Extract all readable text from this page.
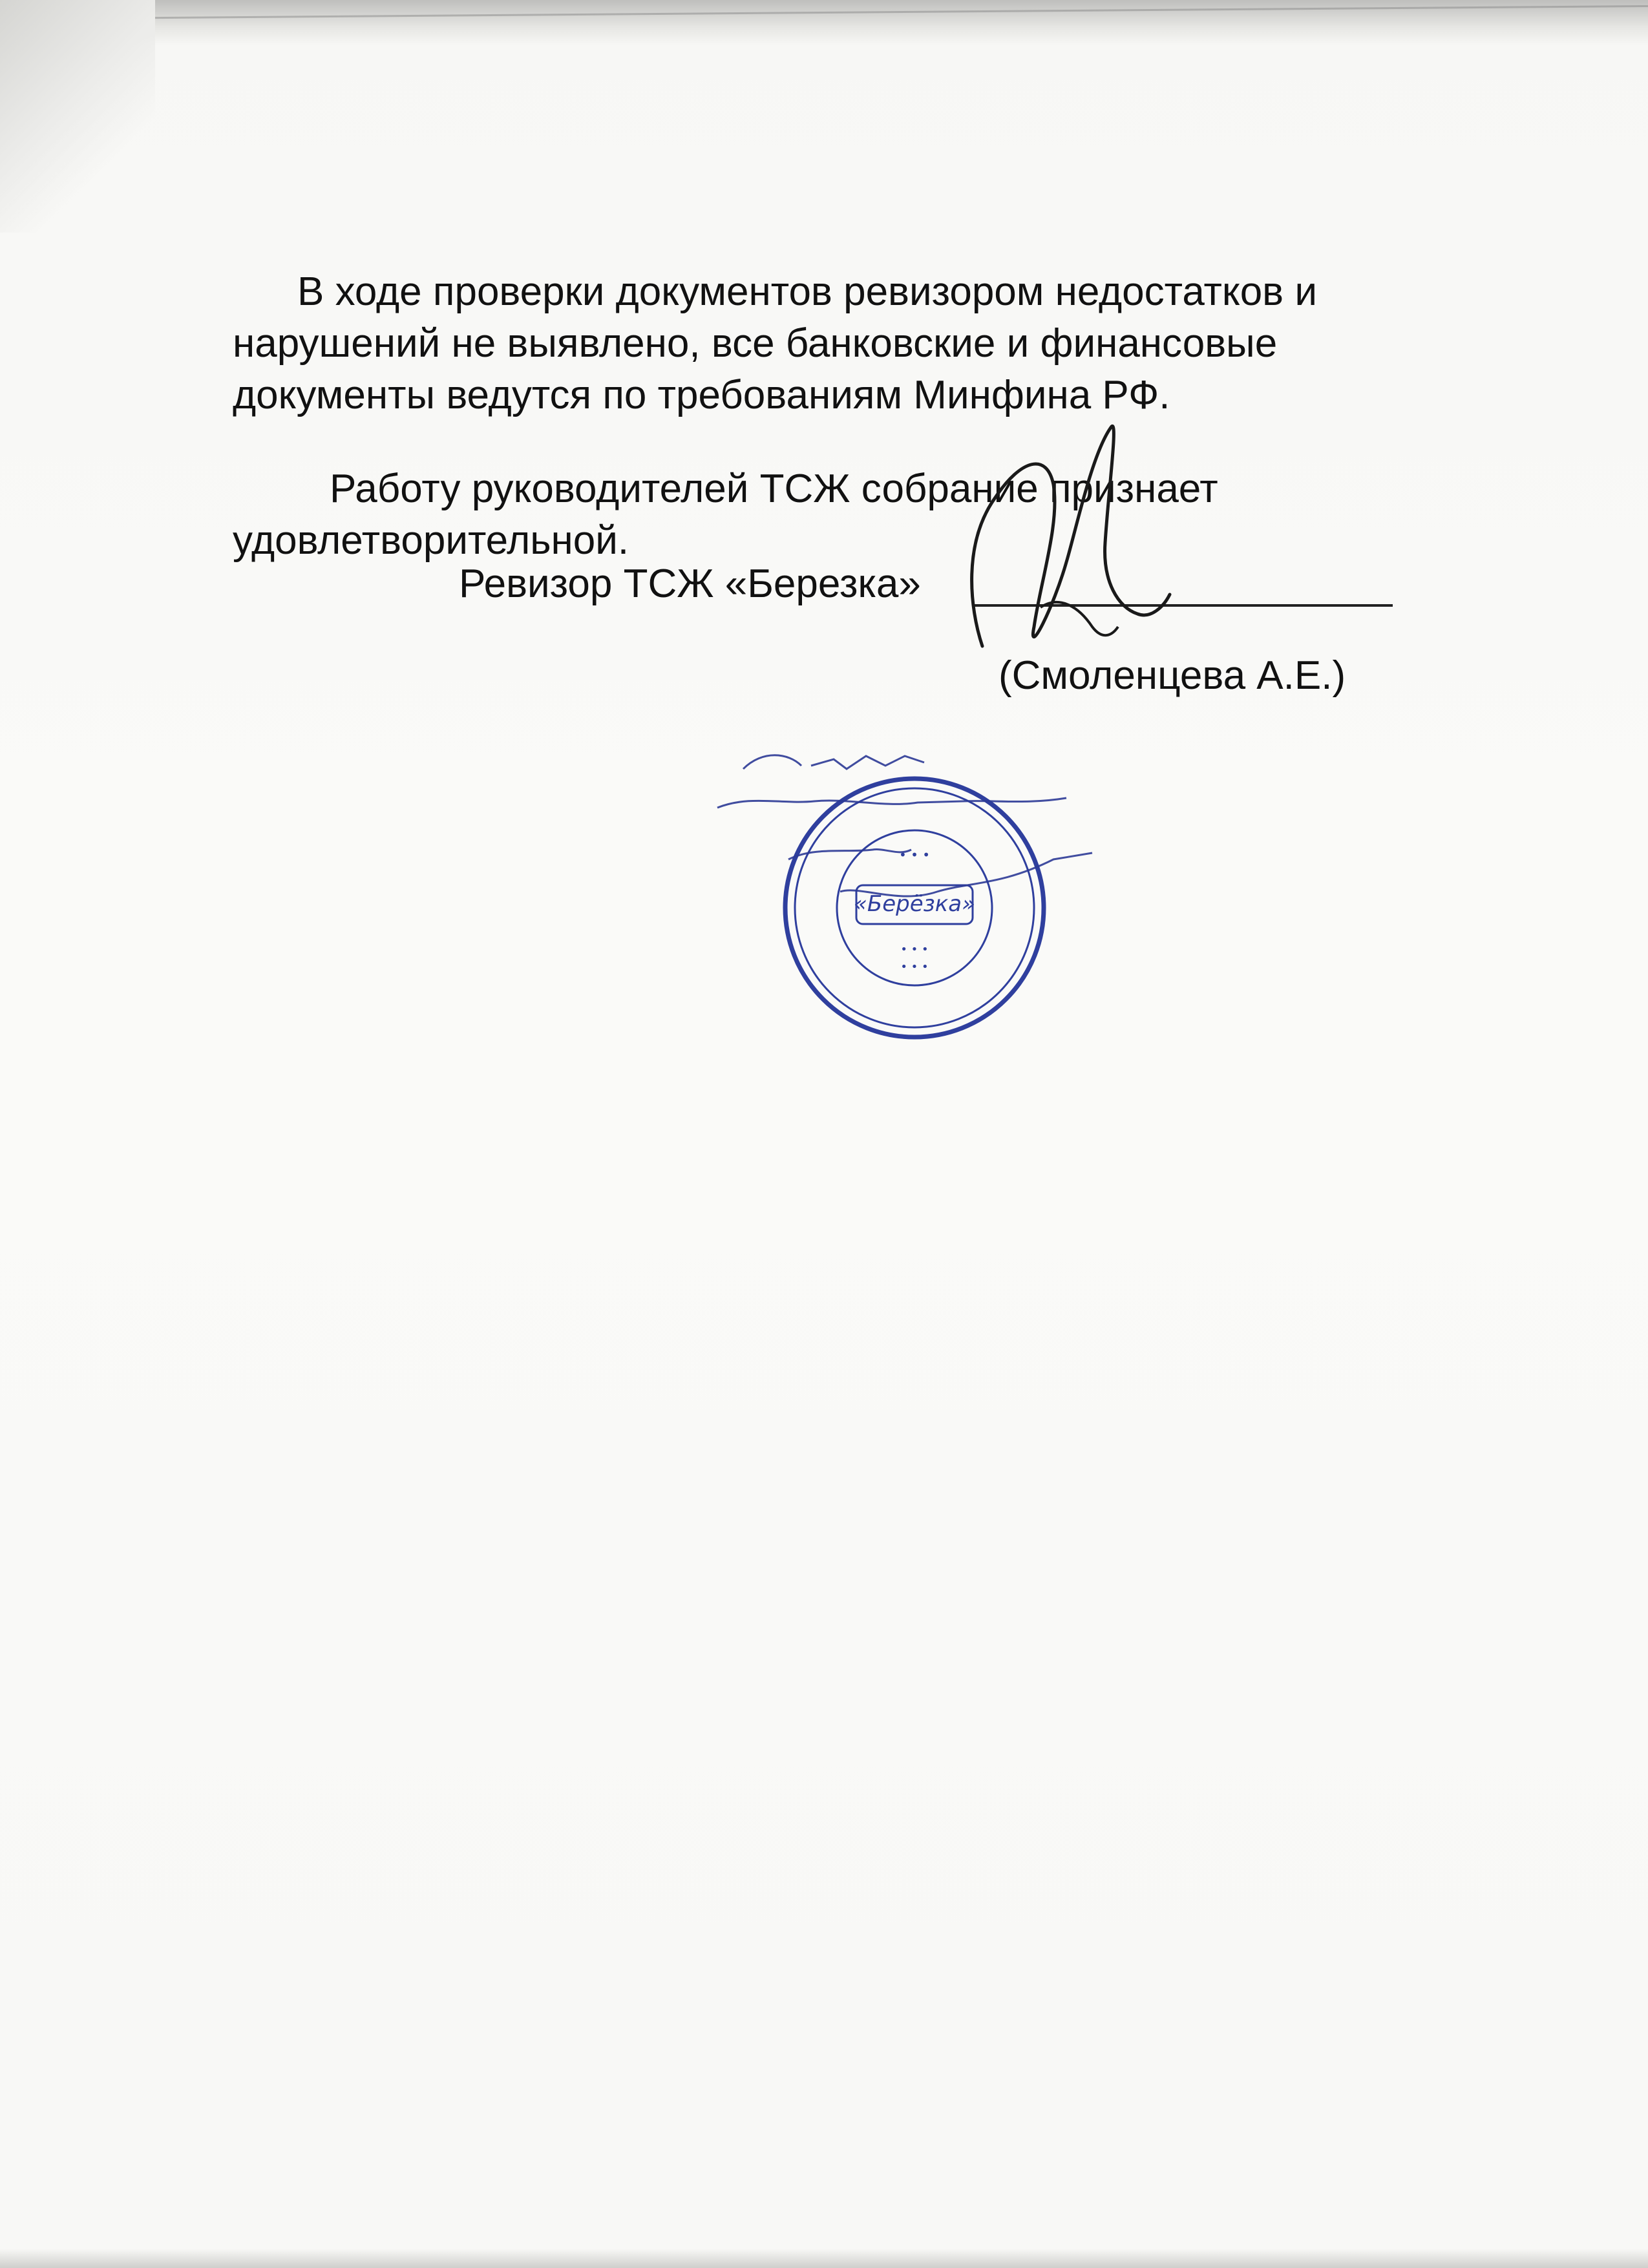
В ходе проверки документов ревизором недостатков и нарушений не выявлено, все банковские и финансовые документы ведутся по требованиям Минфина РФ.

Работу руководителей ТСЖ собрание признает удовлетворительной.

Ревизор ТСЖ «Березка»
(Смоленцева А.Е.)
• • •
«Берёзка»
• • •
• • •
